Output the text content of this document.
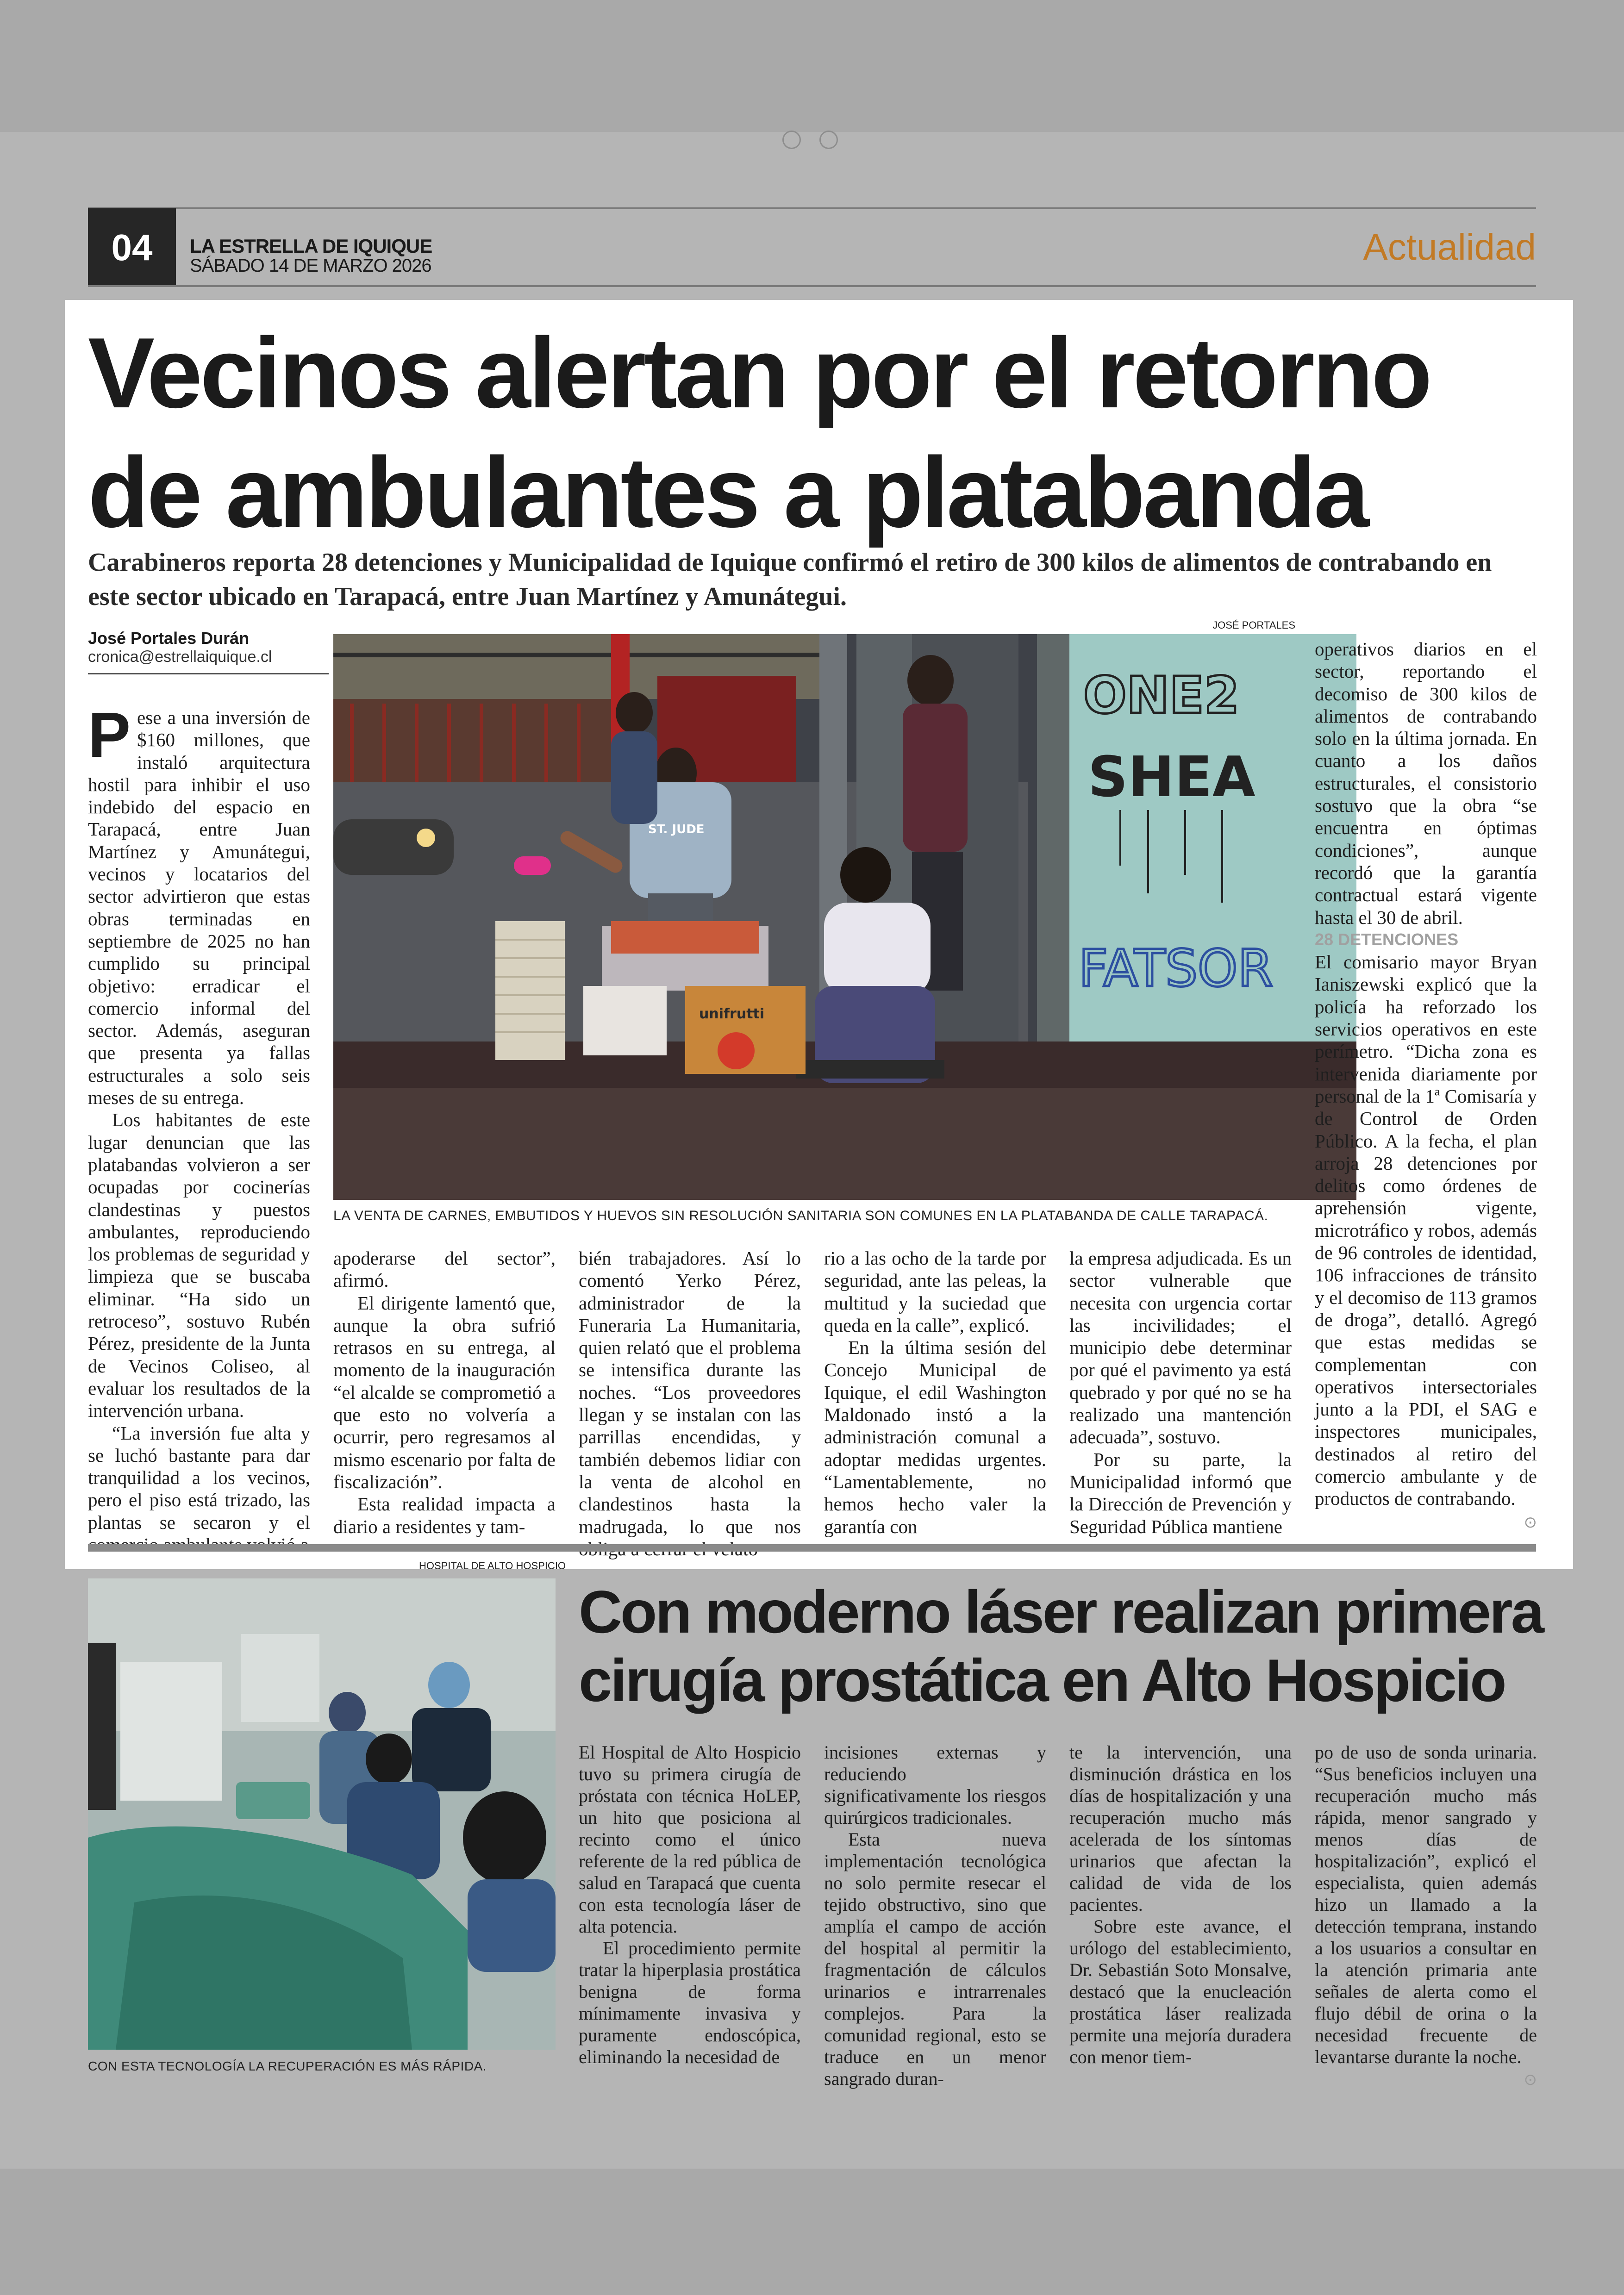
04	LA ESTRELLA DE IQUIQUE
SÁBADO 14 DE MARZO 2026	Actualidad
Vecinos alertan por el retorno de ambulantes a platabanda

Carabineros reporta 28 detenciones y Municipalidad de Iquique confirmó el retiro de 300 kilos de alimentos de contrabando en este sector ubicado en Tarapacá, entre Juan Martínez y Amunátegui.

José Portales Durán
cronica@estrellaiquique.cl
JOSÉ PORTALES
ONE2
SHEA
FATSOR
ST. JUDE
unifrutti
LA VENTA DE CARNES, EMBUTIDOS Y HUEVOS SIN RESOLUCIÓN SANITARIA SON COMUNES EN LA PLATABANDA DE CALLE TARAPACÁ.

Pese a una inversión de $160 millones, que instaló arquitectura hostil para inhibir el uso indebido del espacio en Tarapacá, entre Juan Martínez y Amunátegui, vecinos y locatarios del sector advirtieron que estas obras terminadas en septiembre de 2025 no han cumplido su principal objetivo: erradicar el comercio informal del sector. Además, aseguran que presenta ya fallas estructurales a solo seis meses de su entrega.

Los habitantes de este lugar denuncian que las platabandas volvieron a ser ocupadas por cocinerías clandestinas y puestos ambulantes, reproduciendo los problemas de seguridad y limpieza que se buscaba eliminar. “Ha sido un retroceso”, sostuvo Rubén Pérez, presidente de la Junta de Vecinos Coliseo, al evaluar los resultados de la intervención urbana.

“La inversión fue alta y se luchó bastante para dar tranquilidad a los vecinos, pero el piso está trizado, las plantas se secaron y el

apoderarse del sector”, afirmó.

El dirigente lamentó que, aunque la obra sufrió retrasos en su entrega, al momento de la inauguración “el alcalde se comprometió a que esto no volvería a ocurrir, pero regresamos al mismo escenario por falta de fiscalización”.

Esta realidad impacta a diario a residentes y tam-

bién trabajadores. Así lo comentó Yerko Pérez, administrador de la Funeraria La Humanitaria, quien relató que el problema se intensifica durante las noches. “Los proveedores llegan y se instalan con las parrillas encendidas, y también debemos lidiar con la venta de alcohol en clandestinos hasta la madrugada, lo que nos

rio a las ocho de la tarde por seguridad, ante las peleas, la multitud y la suciedad que queda en la calle”, explicó.

En la última sesión del Concejo Municipal de Iquique, el edil Washington Maldonado instó a la administración comunal a adoptar medidas urgentes. “Lamentablemente, no hemos hecho valer la garantía con

la empresa adjudicada. Es un sector vulnerable que necesita con urgencia cortar las incivilidades; el municipio debe determinar por qué el pavimento ya está quebrado y por qué no se ha realizado una mantención adecuada”, sostuvo.

Por su parte, la Municipalidad informó que la Dirección de Prevención y Seguridad Pública mantiene

operativos diarios en el sector, reportando el decomiso de 300 kilos de alimentos de contrabando solo en la última jornada. En cuanto a los daños estructurales, el consistorio sostuvo que la obra “se encuentra en óptimas condiciones”, aunque recordó que la garantía contractual estará vigente hasta el 30 de abril.

28 DETENCIONES

El comisario mayor Bryan Ianiszewski explicó que la policía ha reforzado los servicios operativos en este perímetro. “Dicha zona es intervenida diariamente por personal de la 1ª Comisaría y de Control de Orden Público. A la fecha, el plan arroja 28 detenciones por delitos como órdenes de aprehensión vigente, microtráfico y robos, además de 96 controles de identidad, 106 infracciones de tránsito y el decomiso de 113 gramos de droga”, detalló. Agregó que estas medidas se complementan con operativos intersectoriales junto a la PDI, el SAG e inspectores municipales, destinados al retiro del comercio ambulante y de productos de contrabando.

⊙
HOSPITAL DE ALTO HOSPICIO
CON ESTA TECNOLOGÍA LA RECUPERACIÓN ES MÁS RÁPIDA.
Con moderno láser realizan primera cirugía prostática en Alto Hospicio

El Hospital de Alto Hospicio tuvo su primera cirugía de próstata con técnica HoLEP, un hito que posiciona al recinto como el único referente de la red pública de salud en Tarapacá que cuenta con esta tecnología láser de alta potencia.

El procedimiento permite tratar la hiperplasia prostática benigna de forma mínimamente invasiva y puramente endoscópica, eliminando la necesidad de

incisiones externas y reduciendo significativamente los riesgos quirúrgicos tradicionales.

Esta nueva implementación tecnológica no solo permite resecar el tejido obstructivo, sino que amplía el campo de acción del hospital al permitir la fragmentación de cálculos urinarios e intrarrenales complejos. Para la comunidad regional, esto se traduce en un menor sangrado duran-

te la intervención, una disminución drástica en los días de hospitalización y una recuperación mucho más acelerada de los síntomas urinarios que afectan la calidad de vida de los pacientes.

Sobre este avance, el urólogo del establecimiento, Dr. Sebastián Soto Monsalve, destacó que la enucleación prostática láser realizada permite una mejoría duradera con menor tiem-

po de uso de sonda urinaria. “Sus beneficios incluyen una recuperación mucho más rápida, menor sangrado y menos días de hospitalización”, explicó el especialista, quien además hizo un llamado a la detección temprana, instando a los usuarios a consultar en la atención primaria ante señales de alerta como el flujo débil de orina o la necesidad frecuente de levantarse durante la noche.

⊙
